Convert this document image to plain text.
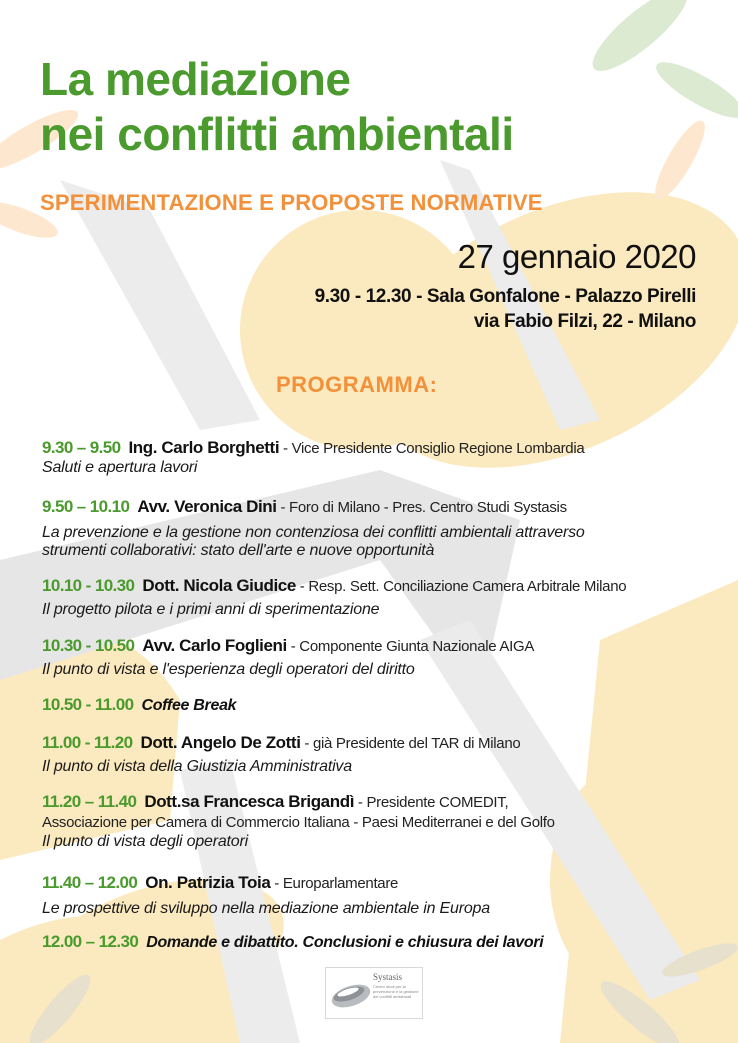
La mediazione
nei conflitti ambientali
SPERIMENTAZIONE E PROPOSTE NORMATIVE
27 gennaio 2020
9.30 - 12.30 - Sala Gonfalone - Palazzo Pirelli
via Fabio Filzi, 22 - Milano
PROGRAMMA:
9.30 – 9.50 Ing. Carlo Borghetti - Vice Presidente Consiglio Regione Lombardia
Saluti e apertura lavori
9.50 – 10.10 Avv. Veronica Dini - Foro di Milano - Pres. Centro Studi Systasis
La prevenzione e la gestione non contenziosa dei conflitti ambientali attraverso
strumenti collaborativi: stato dell'arte e nuove opportunità
10.10 - 10.30 Dott. Nicola Giudice - Resp. Sett. Conciliazione Camera Arbitrale Milano
Il progetto pilota e i primi anni di sperimentazione
10.30 - 10.50 Avv. Carlo Foglieni - Componente Giunta Nazionale AIGA
Il punto di vista e l'esperienza degli operatori del diritto
10.50 - 11.00 Coffee Break
11.00 - 11.20 Dott. Angelo De Zotti - già Presidente del TAR di Milano
Il punto di vista della Giustizia Amministrativa
11.20 – 11.40 Dott.sa Francesca Brigandì - Presidente COMEDIT,
Associazione per Camera di Commercio Italiana - Paesi Mediterranei e del Golfo
Il punto di vista degli operatori
11.40 – 12.00 On. Patrizia Toia - Europarlamentare
Le prospettive di sviluppo nella mediazione ambientale in Europa
12.00 – 12.30 Domande e dibattito. Conclusioni e chiusura dei lavori
Systasis
Centro studi per la prevenzione e la gestione dei conflitti ambientali
